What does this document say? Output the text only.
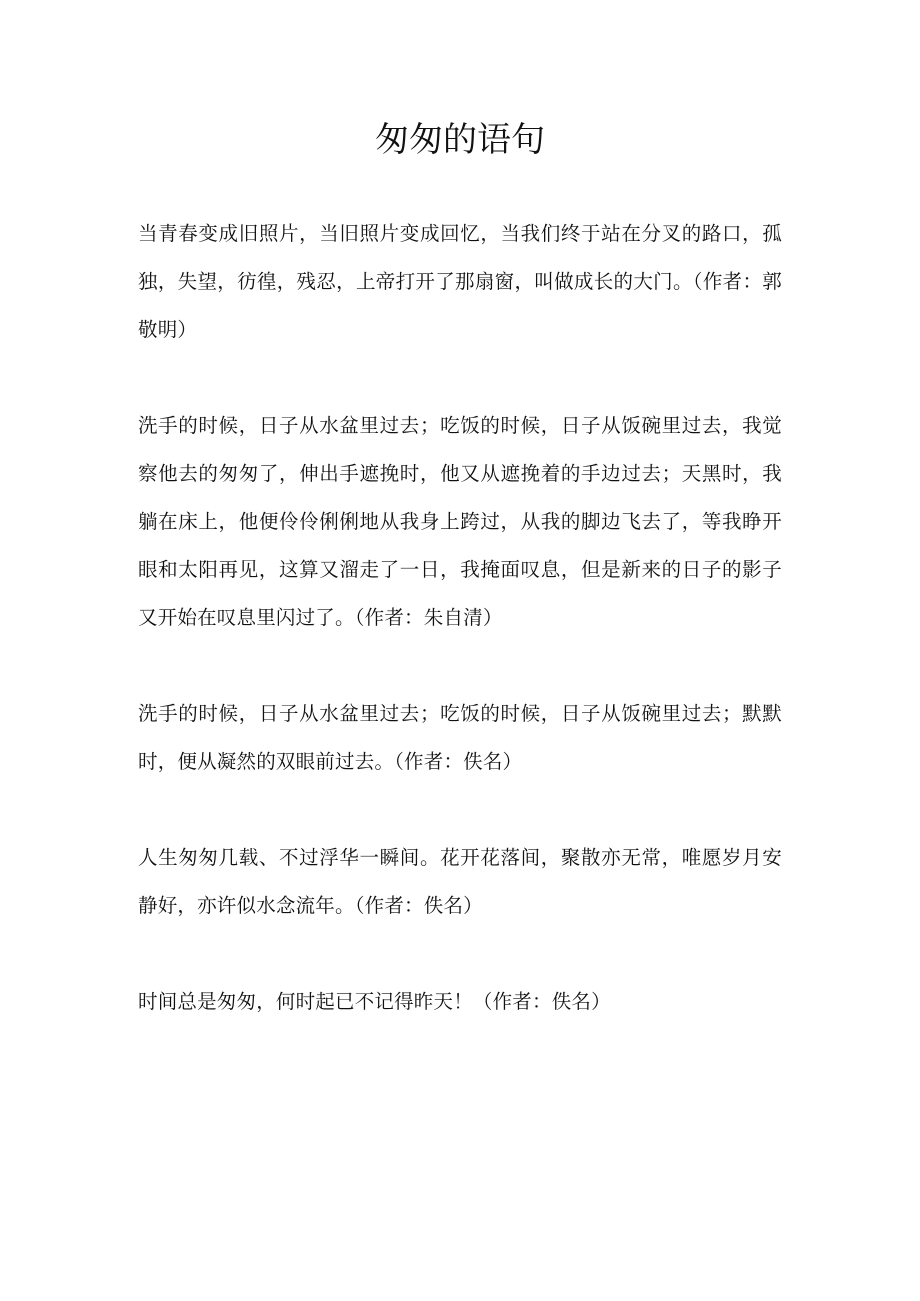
匆匆的语句

当青春变成旧照片，当旧照片变成回忆，当我们终于站在分叉的路口，孤独，失望，彷徨，残忍，上帝打开了那扇窗，叫做成长的大门。（作者：郭敬明）

洗手的时候，日子从水盆里过去；吃饭的时候，日子从饭碗里过去，我觉察他去的匆匆了，伸出手遮挽时，他又从遮挽着的手边过去；天黑时，我躺在床上，他便伶伶俐俐地从我身上跨过，从我的脚边飞去了，等我睁开眼和太阳再见，这算又溜走了一日，我掩面叹息，但是新来的日子的影子又开始在叹息里闪过了。（作者：朱自清）

洗手的时候，日子从水盆里过去；吃饭的时候，日子从饭碗里过去；默默时，便从凝然的双眼前过去。（作者：佚名）

人生匆匆几载、不过浮华一瞬间。花开花落间，聚散亦无常，唯愿岁月安静好，亦许似水念流年。（作者：佚名）

时间总是匆匆，何时起已不记得昨天！（作者：佚名）
